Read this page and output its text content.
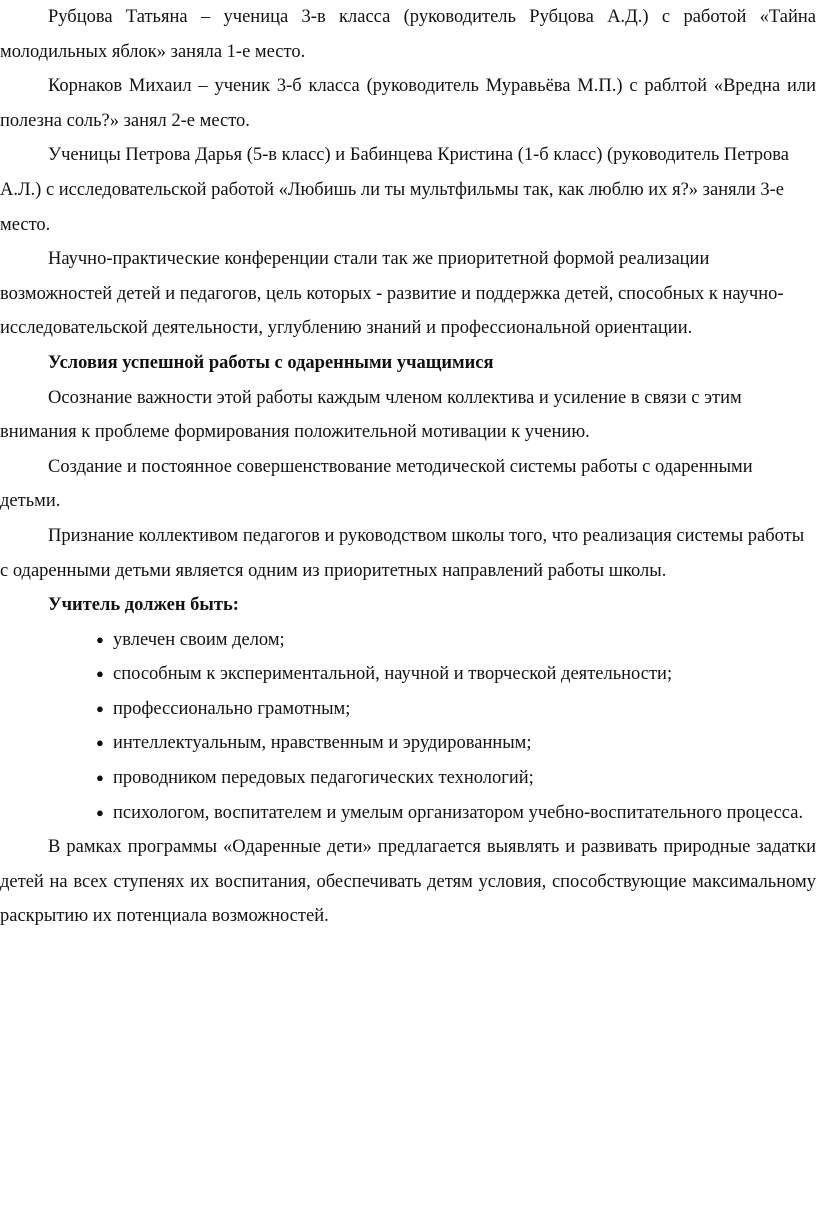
Рубцова Татьяна – ученица 3-в класса (руководитель Рубцова А.Д.) с работой «Тайна молодильных яблок» заняла 1-е место.

Корнаков Михаил – ученик 3-б класса (руководитель Муравьёва М.П.) с раблтой «Вредна или полезна соль?» занял 2-е место.

Ученицы Петрова Дарья (5-в класс) и Бабинцева Кристина (1-б класс) (руководитель Петрова А.Л.) с исследовательской работой «Любишь ли ты мультфильмы так, как люблю их я?» заняли 3-е место.

Научно-практические конференции стали так же приоритетной формой реализации возможностей детей и педагогов, цель которых - развитие и поддержка детей, способных к научно-исследовательской деятельности, углублению знаний и профессиональной ориентации.

Условия успешной работы с одаренными учащимися

Осознание важности этой работы каждым членом коллектива и усиление в связи с этим внимания к проблеме формирования положительной мотивации к учению.

Создание и постоянное совершенствование методической системы работы с одаренными детьми.

Признание коллективом педагогов и руководством школы того, что реализация системы работы с одаренными детьми является одним из приоритетных направлений работы школы.

Учитель должен быть:

● увлечен своим делом;
● способным к экспериментальной, научной и творческой деятельности;
● профессионально грамотным;
● интеллектуальным, нравственным и эрудированным;
● проводником передовых педагогических технологий;
● психологом, воспитателем и умелым организатором учебно-воспитательного процесса.

В рамках программы «Одаренные дети» предлагается выявлять и развивать природные задатки детей на всех ступенях их воспитания, обеспечивать детям условия, способствующие максимальному раскрытию их потенциала возможностей.
